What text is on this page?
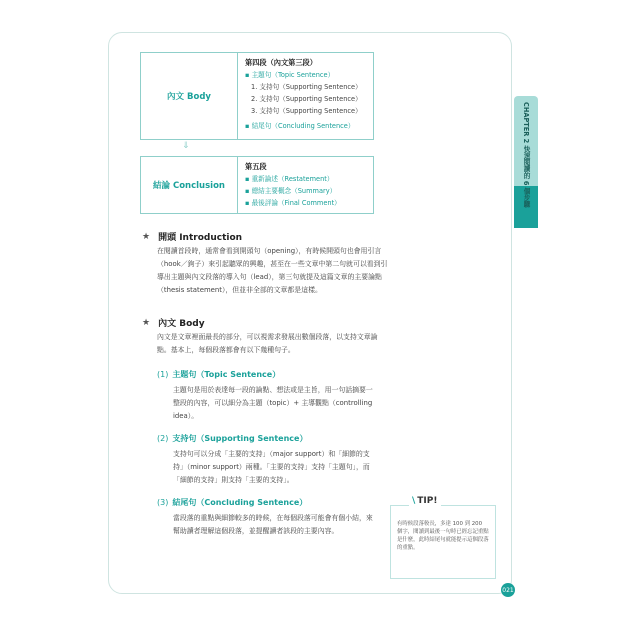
CHAPTER 2 快速閱讀的 6 個步驟
內文 Body
第四段（內文第三段）
▪ 主題句（Topic Sentence）
1. 支持句（Supporting Sentence）
2. 支持句（Supporting Sentence）
3. 支持句（Supporting Sentence）
▪ 結尾句（Concluding Sentence）
⇓
結論 Conclusion
第五段
▪ 重新論述（Restatement）
▪ 總結主要概念（Summary）
▪ 最後評論（Final Comment）
★ 開頭 Introduction
在閱讀首段時，通常會看到開頭句（opening），有時候開頭句也會用引言（hook／鉤子）來引起聽眾的興趣，甚至在一些文章中第二句就可以看到引導出主題與內文段落的導入句（lead），第三句就提及這篇文章的主要論點（thesis statement），但並非全部的文章都是這樣。
★ 內文 Body
內文是文章裡面最長的部分，可以視需求發展出數個段落，以支持文章論點。基本上，每個段落都會有以下幾種句子。
(1) 主題句（Topic Sentence）
主題句是用於表達每一段的論點、想法或是主旨，用一句話摘要一整段的內容，可以細分為主題（topic）+ 主導觀點（controlling idea）。
(2) 支持句（Supporting Sentence）
支持句可以分成「主要的支持」（major support）和「細節的支持」（minor support）兩種。「主要的支持」支持「主題句」，而「細節的支持」則支持「主要的支持」。
(3) 結尾句（Concluding Sentence）
當段落的重點與細節較多的時候，在每個段落可能會有個小結，來幫助讀者理解這個段落，並提醒讀者該段的主要內容。
\ TIP!
有時候段落較長，多達 100 到 200 個字，閱讀到最後一句時已經忘記重點是什麼，此時結尾句就能提示這個段落的重點。
021
